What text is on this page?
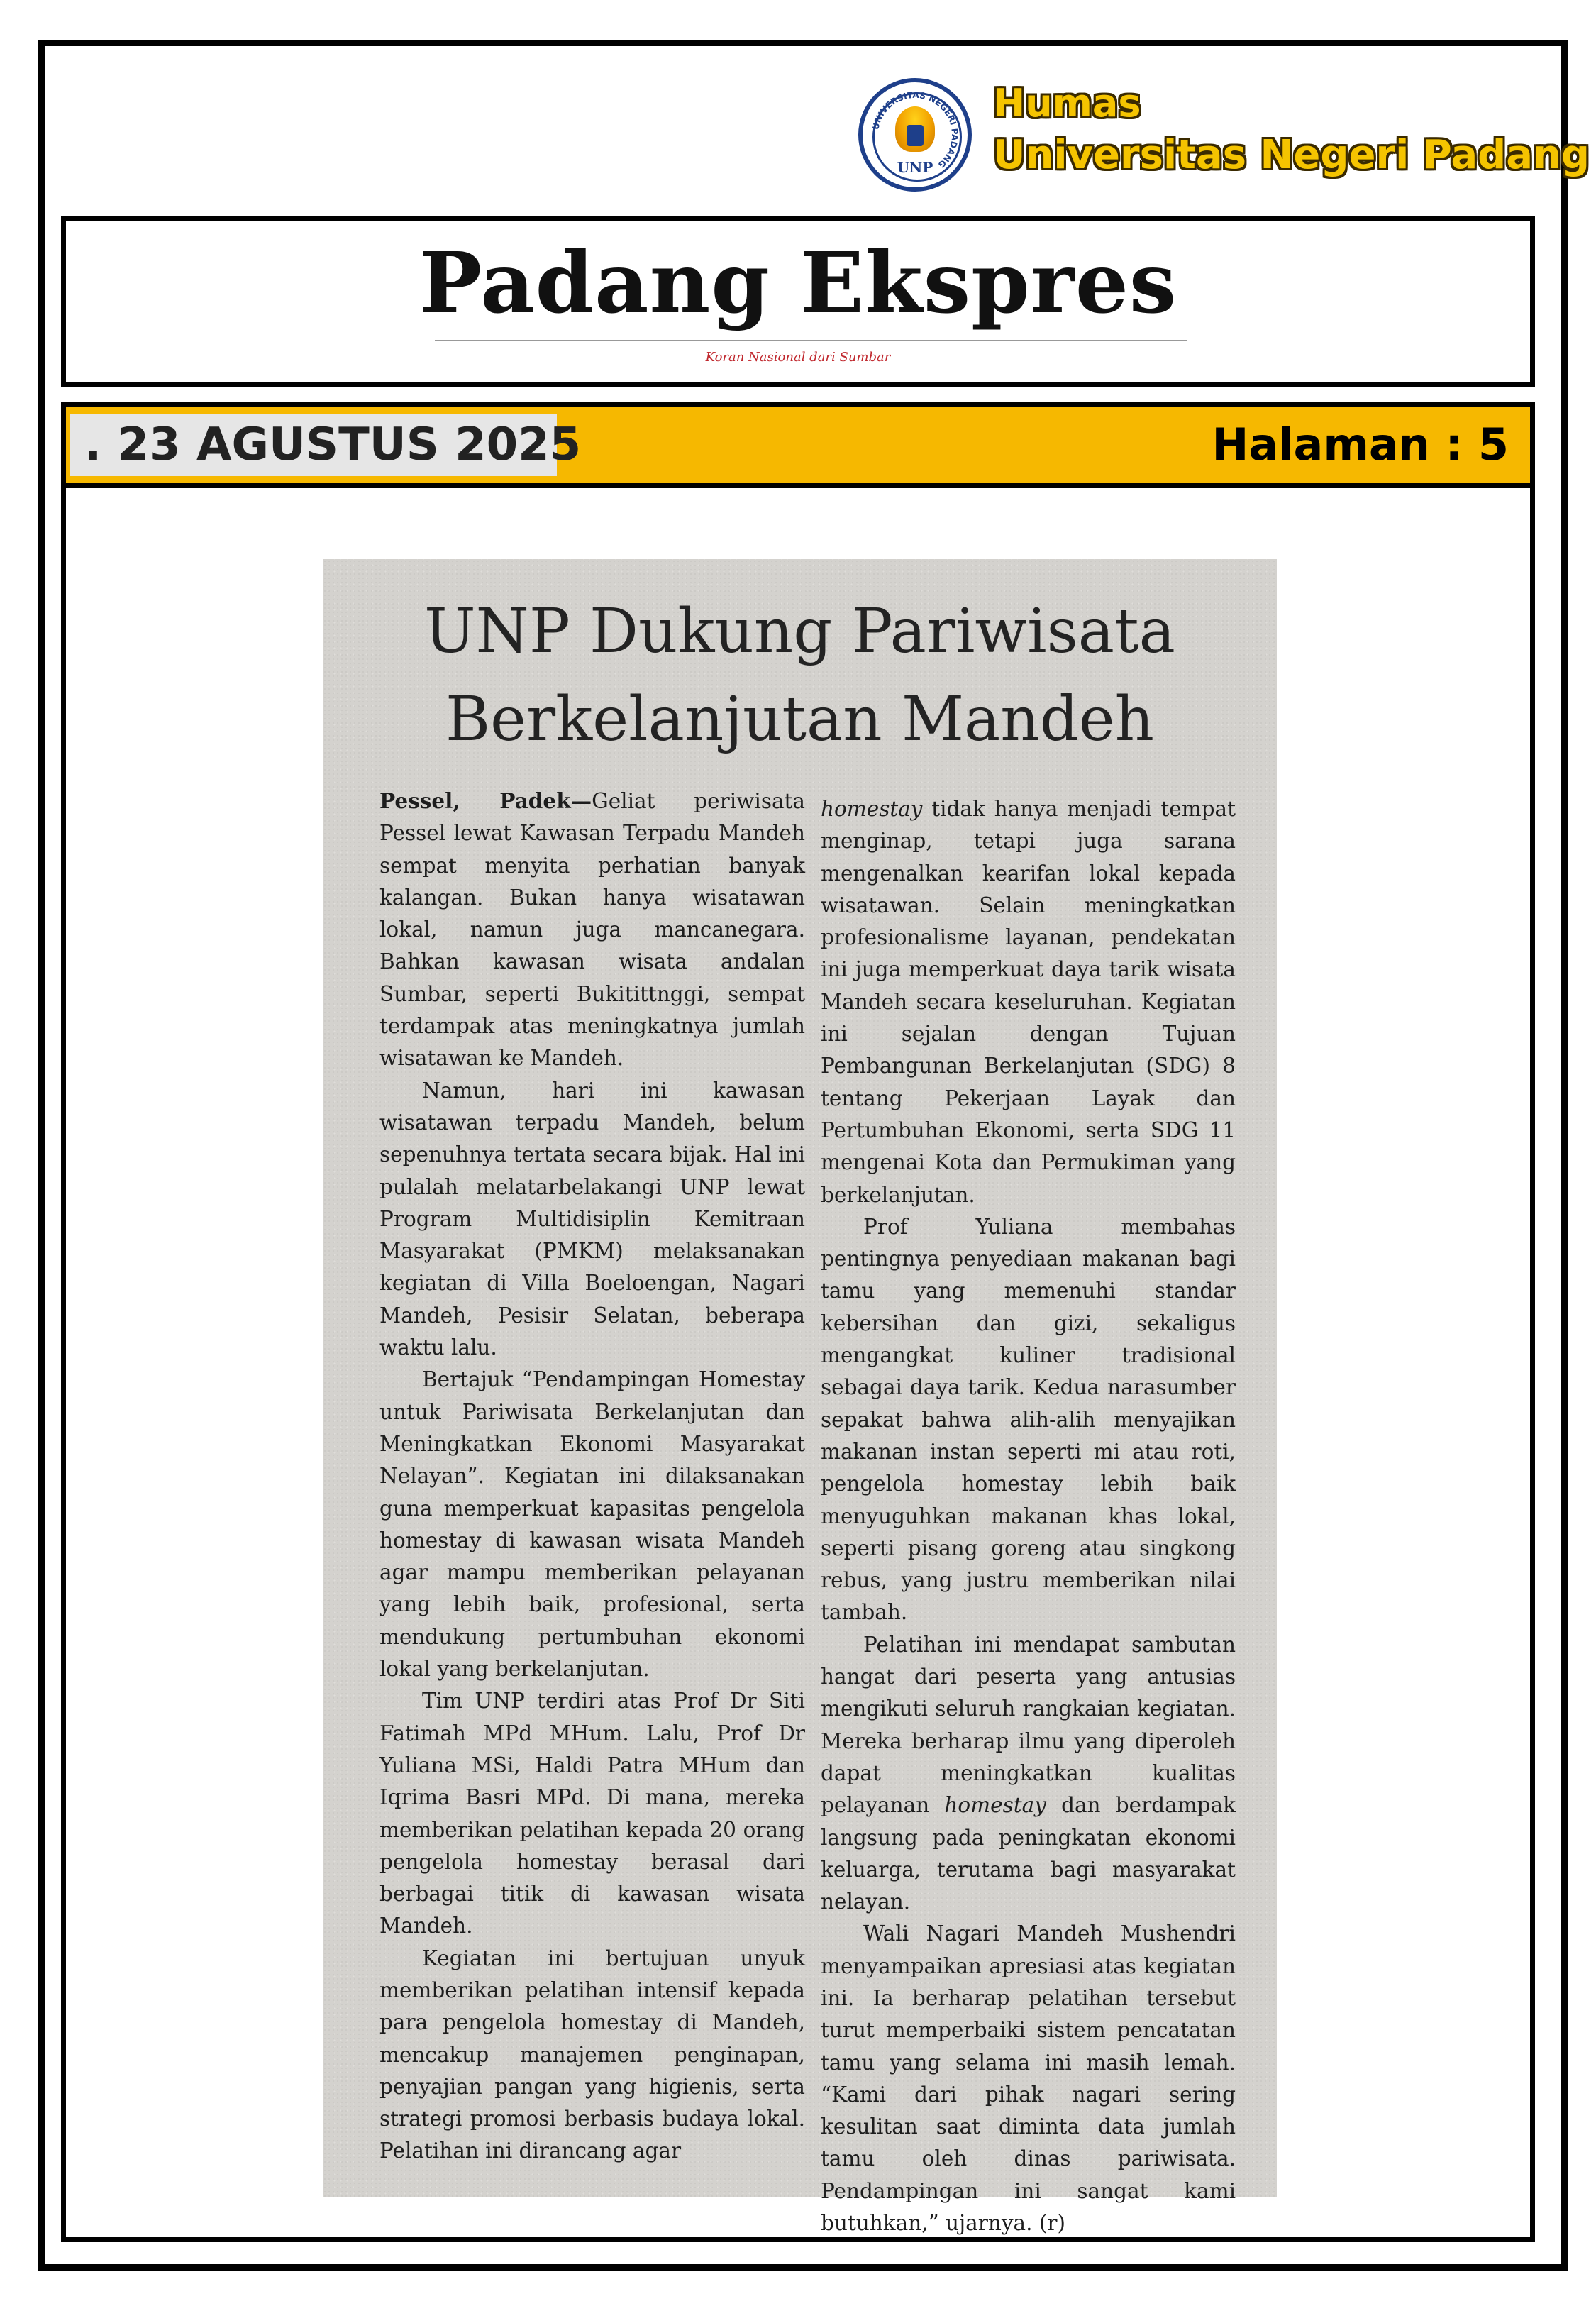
UNIVERSITAS NEGERI PADANG
UNP
Humas
Universitas Negeri Padang
Padang Ekspres
Koran Nasional dari Sumbar
. 23 AGUSTUS 2025	Halaman : 5
UNP Dukung Pariwisata
Berkelanjutan Mandeh

Pessel, Padek—Geliat periwisata Pessel lewat Kawasan Terpadu Mandeh sempat menyita perhatian banyak kalangan. Bukan hanya wisatawan lokal, namun juga mancanegara. Bahkan kawasan wisata andalan Sumbar, seperti Bukitittnggi, sempat terdampak atas meningkatnya jumlah wisatawan ke Mandeh.

Namun, hari ini kawasan wisatawan terpadu Mandeh, belum sepenuhnya tertata secara bijak. Hal ini pulalah melatarbelakangi UNP lewat Program Multidisiplin Kemitraan Masyarakat (PMKM) melaksanakan kegiatan di Villa Boeloengan, Nagari Mandeh, Pesisir Selatan, beberapa waktu lalu.

Bertajuk “Pendampingan Homestay untuk Pariwisata Berkelanjutan dan Meningkatkan Ekonomi Masyarakat Nelayan”. Kegiatan ini dilaksanakan guna memperkuat kapasitas pengelola homestay di kawasan wisata Mandeh agar mampu memberikan pelayanan yang lebih baik, profesional, serta mendukung pertumbuhan ekonomi lokal yang berkelanjutan.

Tim UNP terdiri atas Prof Dr Siti Fatimah MPd MHum. Lalu, Prof Dr Yuliana MSi, Haldi Patra MHum dan Iqrima Basri MPd. Di mana, mereka memberikan pelatihan kepada 20 orang pengelola homestay berasal dari berbagai titik di kawasan wisata Mandeh.

Kegiatan ini bertujuan unyuk memberikan pelatihan intensif kepada para pengelola homestay di Mandeh, mencakup manajemen penginapan, penyajian pangan yang higienis, serta strategi promosi berbasis budaya lokal. Pelatihan ini dirancang agar

homestay tidak hanya menjadi tempat menginap, tetapi juga sarana mengenalkan kearifan lokal kepada wisatawan. Selain meningkatkan profesionalisme layanan, pendekatan ini juga memperkuat daya tarik wisata Mandeh secara keseluruhan. Kegiatan ini sejalan dengan Tujuan Pembangunan Berkelanjutan (SDG) 8 tentang Pekerjaan Layak dan Pertumbuhan Ekonomi, serta SDG 11 mengenai Kota dan Permukiman yang berkelanjutan.

Prof Yuliana membahas pentingnya penyediaan makanan bagi tamu yang memenuhi standar kebersihan dan gizi, sekaligus mengangkat kuliner tradisional sebagai daya tarik. Kedua narasumber sepakat bahwa alih-alih menyajikan makanan instan seperti mi atau roti, pengelola homestay lebih baik menyuguhkan makanan khas lokal, seperti pisang goreng atau singkong rebus, yang justru memberikan nilai tambah.

Pelatihan ini mendapat sambutan hangat dari peserta yang antusias mengikuti seluruh rangkaian kegiatan. Mereka berharap ilmu yang diperoleh dapat meningkatkan kualitas pelayanan homestay dan berdampak langsung pada peningkatan ekonomi keluarga, terutama bagi masyarakat nelayan.

Wali Nagari Mandeh Mushendri menyampaikan apresiasi atas kegiatan ini. Ia berharap pelatihan tersebut turut memperbaiki sistem pencatatan tamu yang selama ini masih lemah. “Kami dari pihak nagari sering kesulitan saat diminta data jumlah tamu oleh dinas pariwisata. Pendampingan ini sangat kami butuhkan,” ujarnya. (r)
